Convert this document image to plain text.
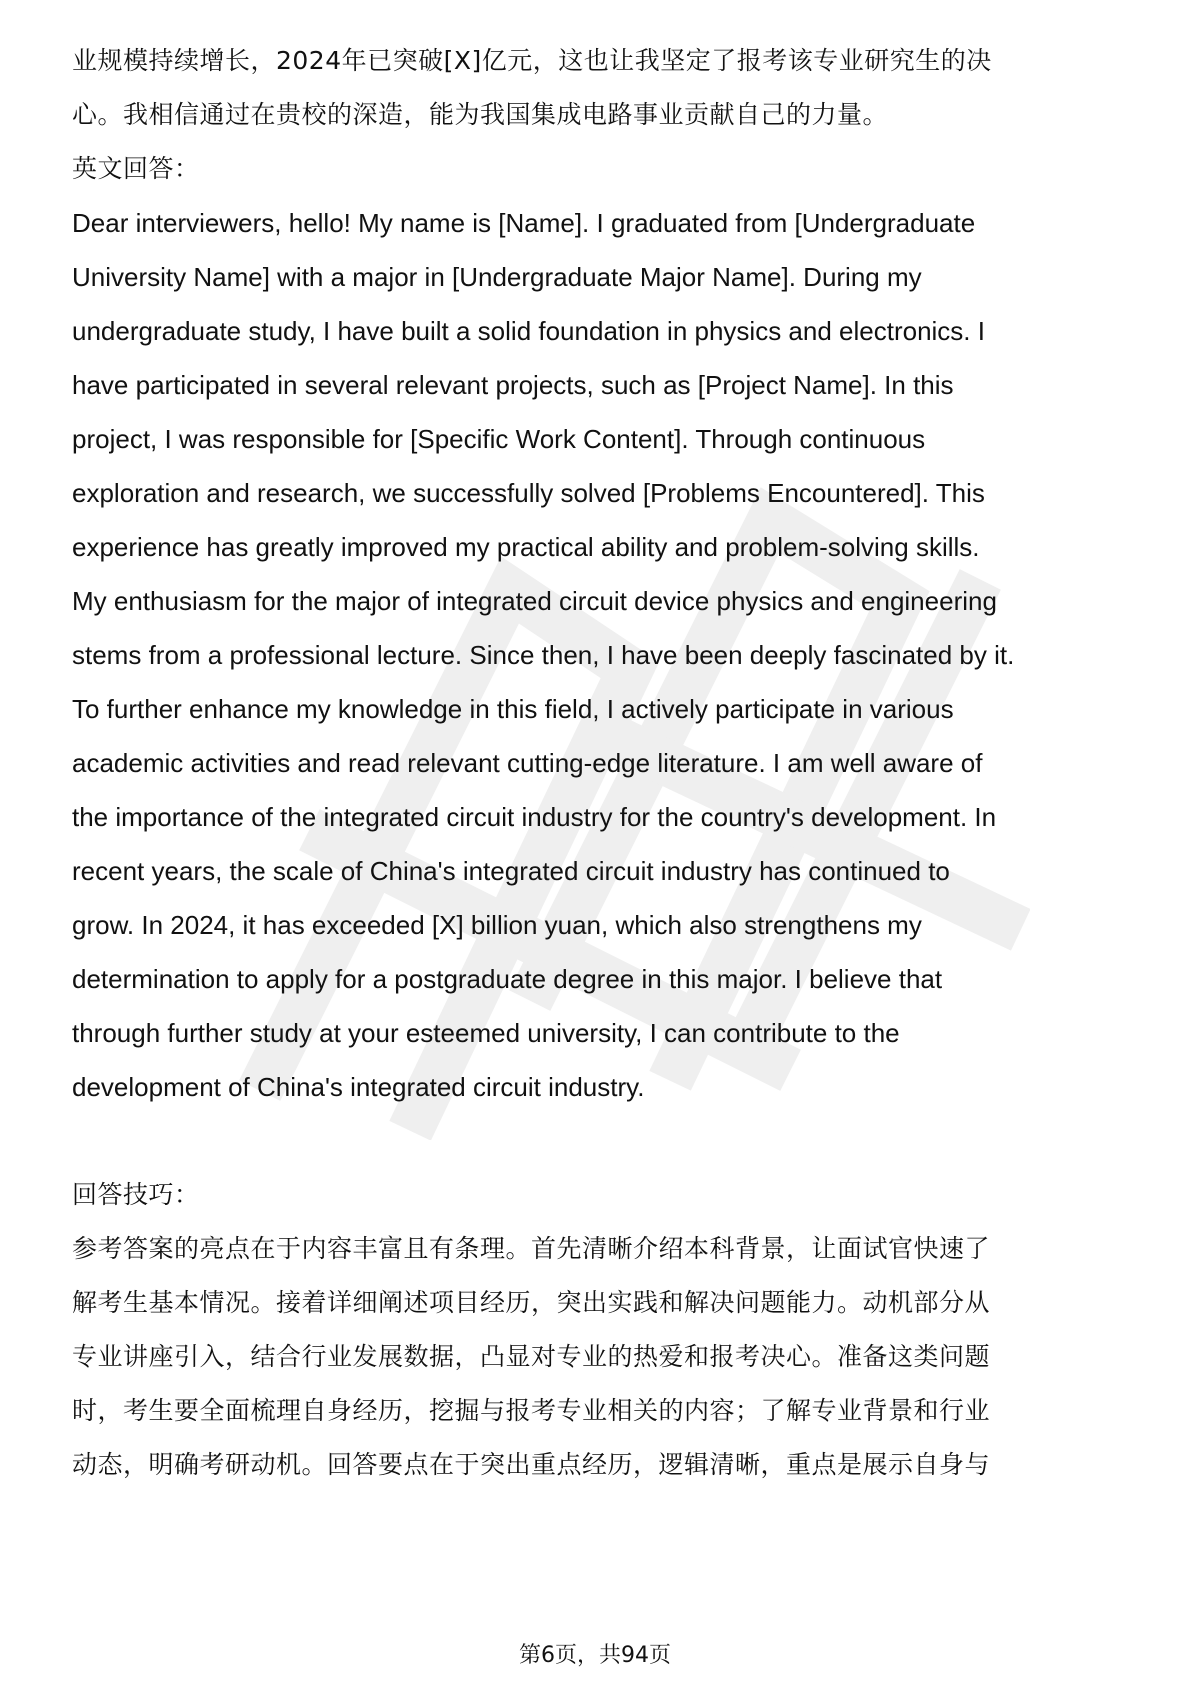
业规模持续增长，2024年已突破[X]亿元，这也让我坚定了报考该专业研究生的决
心。我相信通过在贵校的深造，能为我国集成电路事业贡献自己的力量。
英文回答：
Dear interviewers, hello! My name is [Name]. I graduated from [Undergraduate
University Name] with a major in [Undergraduate Major Name]. During my
undergraduate study, I have built a solid foundation in physics and electronics. I
have participated in several relevant projects, such as [Project Name]. In this
project, I was responsible for [Specific Work Content]. Through continuous
exploration and research, we successfully solved [Problems Encountered]. This
experience has greatly improved my practical ability and problem-solving skills.
My enthusiasm for the major of integrated circuit device physics and engineering
stems from a professional lecture. Since then, I have been deeply fascinated by it.
To further enhance my knowledge in this field, I actively participate in various
academic activities and read relevant cutting-edge literature. I am well aware of
the importance of the integrated circuit industry for the country's development. In
recent years, the scale of China's integrated circuit industry has continued to
grow. In 2024, it has exceeded [X] billion yuan, which also strengthens my
determination to apply for a postgraduate degree in this major. I believe that
through further study at your esteemed university, I can contribute to the
development of China's integrated circuit industry.
回答技巧：
参考答案的亮点在于内容丰富且有条理。首先清晰介绍本科背景，让面试官快速了
解考生基本情况。接着详细阐述项目经历，突出实践和解决问题能力。动机部分从
专业讲座引入，结合行业发展数据，凸显对专业的热爱和报考决心。准备这类问题
时，考生要全面梳理自身经历，挖掘与报考专业相关的内容；了解专业背景和行业
动态，明确考研动机。回答要点在于突出重点经历，逻辑清晰，重点是展示自身与
第6页，共94页
